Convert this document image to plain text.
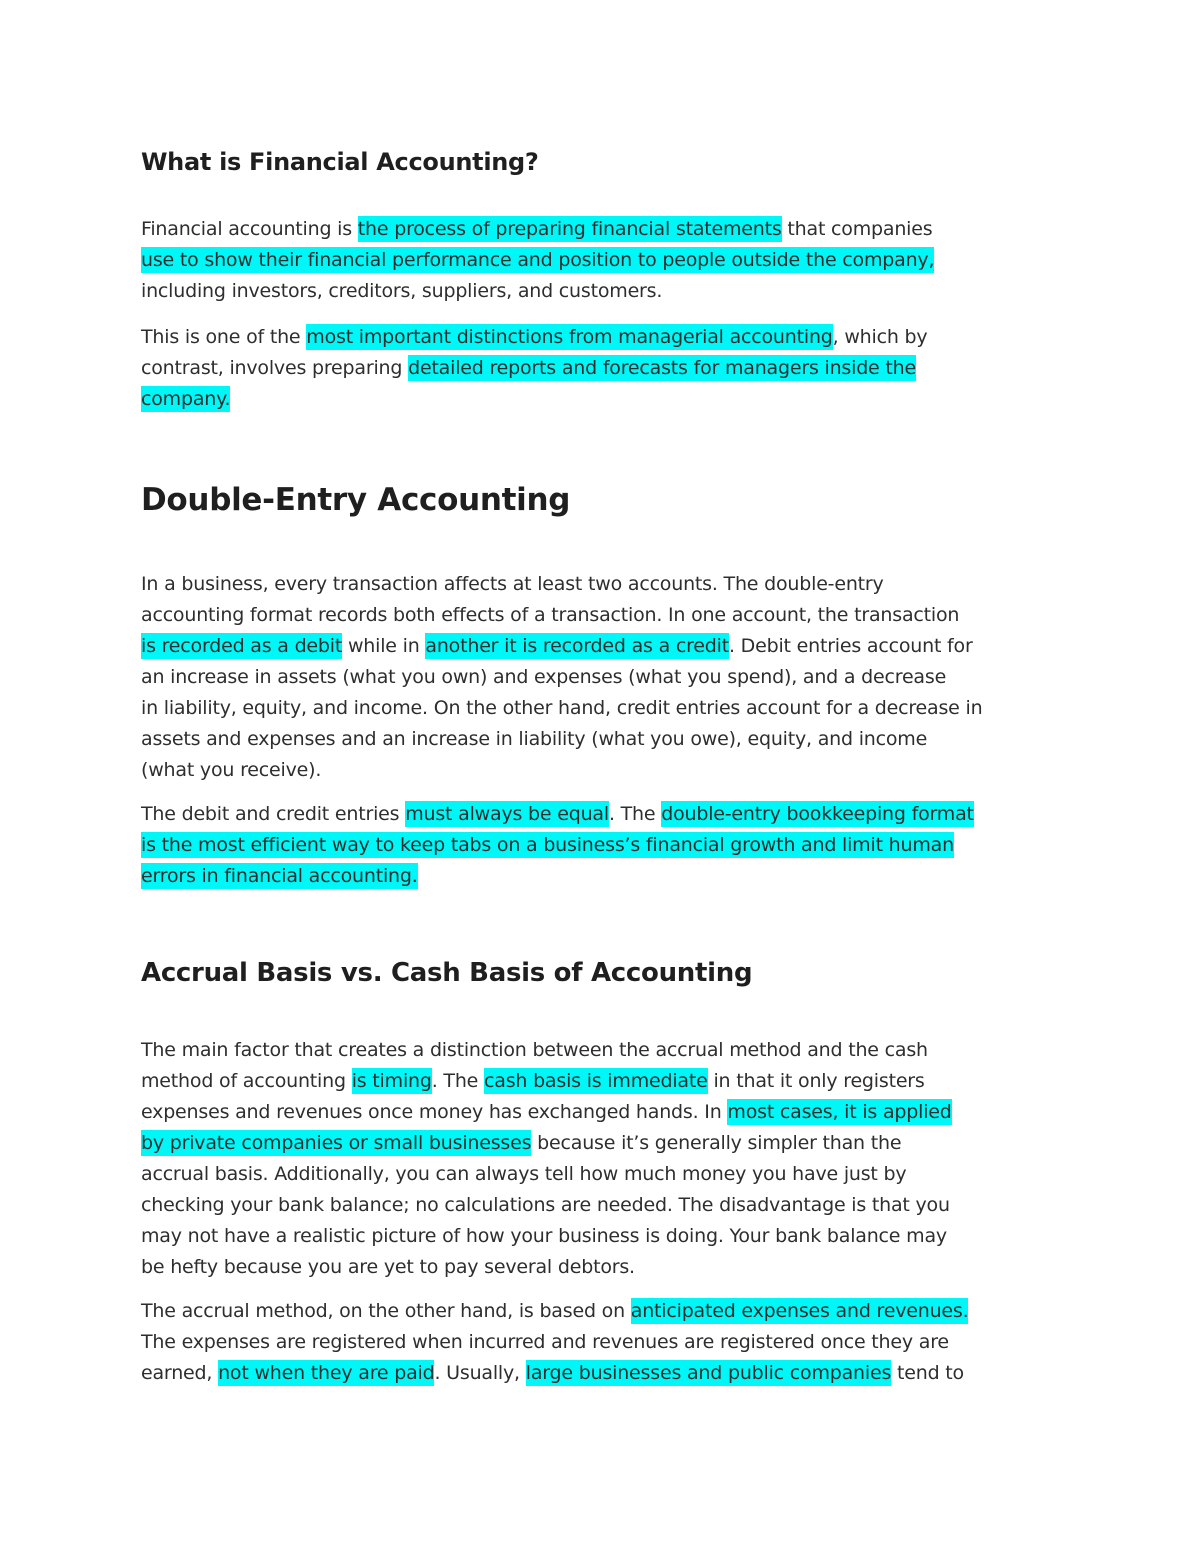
What is Financial Accounting?
Financial accounting is the process of preparing financial statements that companies
use to show their financial performance and position to people outside the company,
including investors, creditors, suppliers, and customers.
This is one of the most important distinctions from managerial accounting, which by
contrast, involves preparing detailed reports and forecasts for managers inside the
company.
Double-Entry Accounting
In a business, every transaction affects at least two accounts. The double-entry
accounting format records both effects of a transaction. In one account, the transaction
is recorded as a debit while in another it is recorded as a credit. Debit entries account for
an increase in assets (what you own) and expenses (what you spend), and a decrease
in liability, equity, and income. On the other hand, credit entries account for a decrease in
assets and expenses and an increase in liability (what you owe), equity, and income
(what you receive).
The debit and credit entries must always be equal. The double-entry bookkeeping format
is the most efficient way to keep tabs on a business’s financial growth and limit human
errors in financial accounting.
Accrual Basis vs. Cash Basis of Accounting
The main factor that creates a distinction between the accrual method and the cash
method of accounting is timing. The cash basis is immediate in that it only registers
expenses and revenues once money has exchanged hands. In most cases, it is applied
by private companies or small businesses because it’s generally simpler than the
accrual basis. Additionally, you can always tell how much money you have just by
checking your bank balance; no calculations are needed. The disadvantage is that you
may not have a realistic picture of how your business is doing. Your bank balance may
be hefty because you are yet to pay several debtors.
The accrual method, on the other hand, is based on anticipated expenses and revenues.
The expenses are registered when incurred and revenues are registered once they are
earned, not when they are paid. Usually, large businesses and public companies tend to
